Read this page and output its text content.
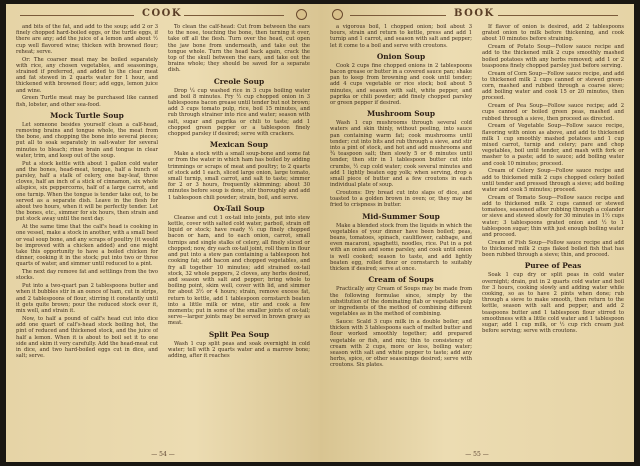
COOK

and bits of the fat, and add to the soup; add 2 or 3 finely chopped hard-boiled eggs, or the turtle eggs, if there are any; add the juice of a lemon and about ½ cup well flavored wine; thicken with browned flour; reheat; serve.

Or: The coarser meat may be boiled separately with rice, any chosen vegetables, and seasonings, strained if preferred, and added to the clear meat and fat stewed in 2 quarts water for 1 hour, and thickened with browned flour; add eggs, lemon juice and wine.

Green Turtle meat may be purchased like canned fish, lobster, and other sea-food.

Mock Turtle Soup

Let someone besides yourself clean a calf-head, removing brains and tongue whole, the meat from the bone, and chopping the bone into several pieces; put all to soak separately in salt-water for several minutes to bleach; rinse brain and tongue in clear water, trim, and keep out of the soup.

Put a stock kettle with about 1 gallon cold water and the bones, head-meat, tongue, half a bunch of parsley, half a stalk of celery, one bay-leaf, three cloves, half an inch of a stick of cinnamon, six whole allspice, six peppercorns, half of a large carrot, and one turnip. When the tongue is tender take out, to be served as a separate dish. Leave in the flesh for about two hours, when it will be perfectly tender. Let the bones, etc., simmer for six hours, then strain and put stock away until the next day.

At the same time that the calf's head is cooking in one vessel, make a stock in another, with a small beef or veal soup bone, and any scraps of poultry (it would be improved with a chicken added) and one might take this opportunity to have a boiled chicken for dinner, cooking it in the stock; put into two or three quarts of water, and simmer until reduced to a pint.

The next day remove fat and settlings from the two stocks.

Put into a two-quart pan 2 tablespoons butter and when it bubbles stir in an ounce of ham, cut in strips, and 2 tablespoons of flour, stirring it constantly until it gets quite brown; pour the reduced stock over it, mix well, and strain it.

Now, to half a pound of calf's head cut into dice add one quart of calf's-head stock boiling hot, the pint of reduced and thickened stock, and the juice of half a lemon. When it is about to boil set it to one side and skim it very carefully. Add the head-meat cut in dice, and two hard-boiled eggs cut in dice, and salt; serve.

To clean the calf-head: Cut from between the ears to the nose, touching the bone, then turning it over, take off all the flesh. Turn over the head, cut open the jaw bone from underneath, and take out the tongue whole. Turn the head back again, crack the top of the skull between the ears, and take out the brains whole; they should be saved for a separate dish.

Creole Soup

Drop ¼ cup washed rice in 3 cups boiling water and boil 8 minutes. Fry ½ cup chopped onion in 3 tablespoons bacon grease until tender but not brown; add 3 cups tomato pulp, rice, boil 15 minutes, and rub through strainer into rice and water; season with salt, sugar and paprika or chili to taste; add 1 chopped green pepper or a tablespoon finely chopped parsley if desired; serve with crackers.

Mexican Soup

Make a stock with a small soup-bone and some fat or from the water in which ham has boiled by adding trimmings or scraps of meat and poultry; to 2 quarts of stock add 1 each, sliced large onion, large tomato, small turnip, small carrot, and salt to taste; simmer for 2 or 3 hours, frequently skimming; about 30 minutes before soup is done, stir thoroughly and add 1 tablespoon chili powder; strain, boil, and serve.

Ox-Tail Soup

Cleanse and cut 1 ox-tail into joints, put into stew kettle, cover with salted cold water, parboil, strain off liquid or stock; have ready ½ cup finely chopped bacon or ham, and to each onion, carrot, small turnips and single stalks of celery, all finely sliced or chopped; now, dry each ox-tail joint, roll them in flour and put into a stew pan containing a tablespoon hot cooking fat; add bacon and chopped vegetables, and fry all together 10 minutes; add strained ox-tail stock, 32 whole peppers, 2 cloves, any herbs desired, and season with salt and pepper; bring whole to boiling point, skim well, cover with lid, and simmer for about 3½ or 4 hours; strain, remove excess fat, return to kettle, add 1 tablespoon cornstarch beaten into a little milk or wine, stir and cook a few moments; put in some of the smaller joints of ox-tail; serve—larger joints may be served in brown gravy as meat.

Split Pea Soup

Wash 1 cup split peas and soak overnight in cold water; tell with 2 quarts water and a marrow bone; adding, after it reaches

— 54 —
BOOK

a vigorous boil, 1 chopped onion; boil about 3 hours, strain and return to kettle, press and add 1 turnip and 1 carrot, and season with salt and pepper; let it come to a boil and serve with croutons.

Onion Soup

Cook 2 cups fine chopped onions in 2 tablespoons bacon grease or butter in a covered sauce pan; shake pan to keep from browning and cook until tender; add 4 cups vegetable or rice stock; boil about 5 minutes, and season with salt, white pepper, and paprika or chili powder; add finely chopped parsley or green pepper if desired.

Mushroom Soup

Wash 1 cup mushrooms through several cold waters and skin thinly, without peeling, into sauce pan containing warm fat; cook mushrooms until tender; cut into bits and rub through a sieve, and stir into a pint of stock, and hot and add mushrooms and ¾ teaspoon salt; then slowly 5 or 6 minutes until tender, then stir in 1 tablespoon butter cut into crumbs, ½ cup cold water; cook several minutes and add 1 lightly beaten egg yolk; when serving, drop a small piece of butter and a few croutons in each individual plate of soup.

Croutons: Dry bread cut into slaps of dice, and toasted to a golden brown in oven; or, they may be fried to crispness in butter.

Mid-Summer Soup

Make a blended stock from the liquids in which the vegetables of your dinner have been boiled; peas, beans, tomatoes, spinach, cauliflower, cabbage, and even macaroni, spaghetti, noodles, rice. Put in a pot with an onion and some parsley, and cook until onion is well cooked; season to taste, and add lightly beaten egg, rolled flour or cornstarch to suitably thicken if desired; serve at once.

Cream of Soups

Practically any Cream of Soups may be made from the following formulae since, simply by the substitution of the dominating flab or vegetable pulp or ingredients of the method of combining different vegetables as in the method of combining.

Sauce: Scald 3 cups milk in a double boiler, and thicken with 3 tablespoons each of melted butter and flour worked smoothly together; add prepared vegetable or fish, and mix; thin to consistency of cream with 2 cups, more or less, boiling water; season with salt and white pepper to taste; add any herbs, spice, or other seasonings desired; serve with croutons. Six plates.

If flavor of onion is desired, add 2 tablespoons grated onion to milk before thickening, and cook about 10 minutes before straining.

Cream of Potato Soup—Follow sauce recipe and add to the thickened milk 2 cups smoothly mashed boiled potatoes with any herbs removed; add 1 or 2 teaspoons finely chopped parsley just before serving.

Cream of Corn Soup—Follow sauce recipe, and add to thickened milk 2 cups canned or stewed green-corn, mashed and rubbed through a coarse sieve; add boiling water and cook 15 or 20 minutes, then proceed.

Cream of Pea Soup—Follow sauce recipe; add 2 cups canned or boiled green peas, mashed and rubbed through a sieve, then proceed as directed.

Cream of Vegetable Soup—Follow sauce recipe, flavoring with onion as above, and add to thickened milk 1 cup smoothly mashed potatoes and 1 cup mixed carrot, turnip and celery; pare and chop vegetables, boil until tender, and mash with fork or masher to a paste; add to sauce; add boiling water and cook 10 minutes; proceed.

Cream of Celery Soup—Follow sauce recipe and add to thickened milk 2 cups chopped celery boiled until tender and pressed through a sieve; add boiling water and cook 5 minutes; proceed.

Cream of Tomato Soup—Follow sauce recipe and add to thickened milk 2 cups canned or stewed tomatoes, seasoned after rubbing through a colander or sieve and stewed slowly for 30 minutes in 1½ cups water; 3 tablespoons grated onion and ½ to 1 tablespoon sugar; thin with just enough boiling water and proceed.

Cream of Fish Soup—Follow sauce recipe and add to thickened milk 2 cups flaked boiled fish that has been rubbed through a sieve; thin, and proceed.

Puree of Peas

Soak 1 cup dry or split peas in cold water overnight; drain, put in 2 quarts cold water and boil for 3 hours, cooking slowly and adding water while cooking, so as to have 2 pints when done; rub through a sieve to make smooth, then return to the kettle, season with salt and pepper, and add 2 teaspoons butter and 1 tablespoon flour stirred to smoothness with a little cold water and 1 tablespoon sugar; add 1 cup milk, or ½ cup rich cream just before serving; serve with croutons.

— 55 —
